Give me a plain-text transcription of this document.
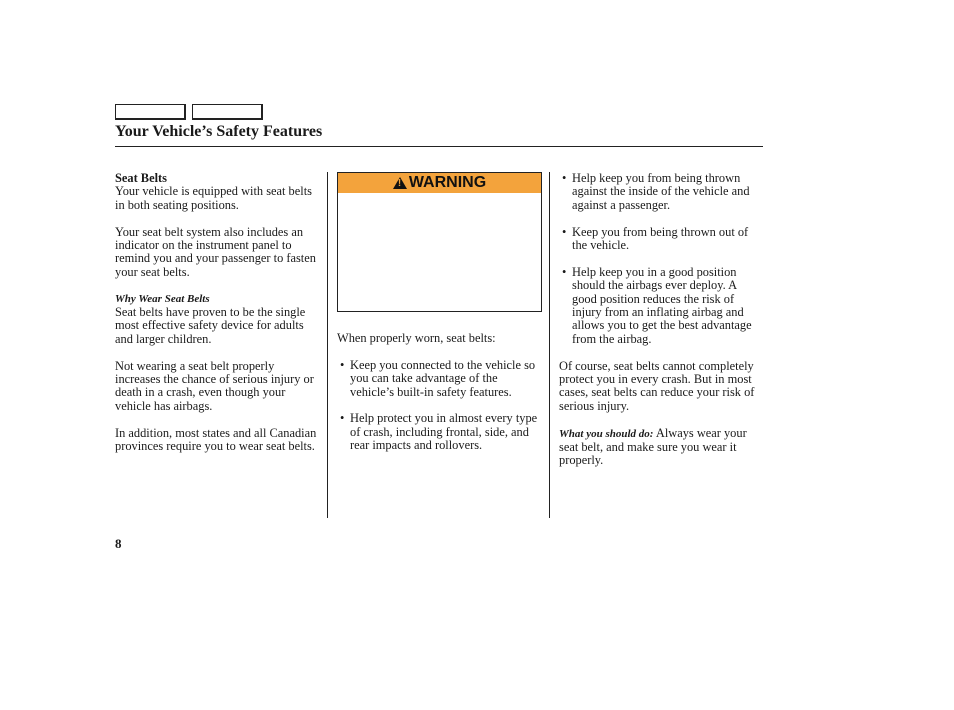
Your Vehicle’s Safety Features
Seat Belts

Your vehicle is equipped with seat belts in both seating positions.

Your seat belt system also includes an indicator on the instrument panel to remind you and your passenger to fasten your seat belts.

Why Wear Seat Belts

Seat belts have proven to be the single most effective safety device for adults and larger children.

Not wearing a seat belt properly increases the chance of serious injury or death in a crash, even though your vehicle has airbags.

In addition, most states and all Canadian provinces require you to wear seat belts.

!
WARNING

When properly worn, seat belts:

• Keep you connected to the vehicle so you can take advantage of the vehicle’s built-in safety features.
• Help protect you in almost every type of crash, including frontal, side, and rear impacts and rollovers.
• Help keep you from being thrown against the inside of the vehicle and against a passenger.
• Keep you from being thrown out of the vehicle.
• Help keep you in a good position should the airbags ever deploy. A good position reduces the risk of injury from an inflating airbag and allows you to get the best advantage from the airbag.

Of course, seat belts cannot completely protect you in every crash. But in most cases, seat belts can reduce your risk of serious injury.

What you should do: Always wear your seat belt, and make sure you wear it properly.

8
